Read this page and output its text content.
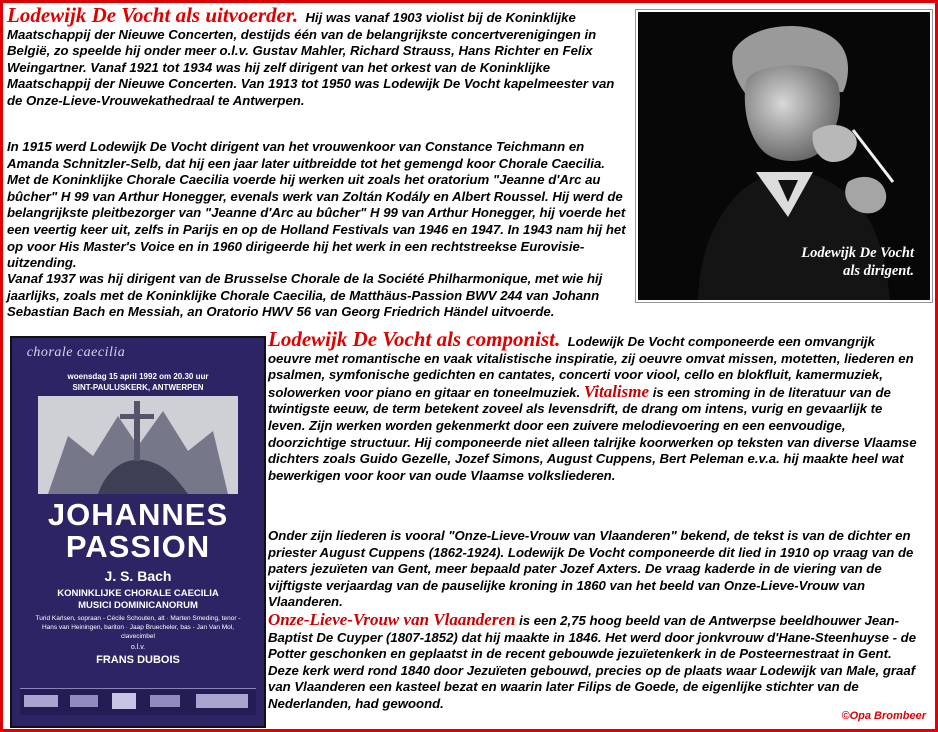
Lodewijk De Vocht als uitvoerder. Hij was vanaf 1903 violist bij de Koninklijke Maatschappij der Nieuwe Concerten, destijds één van de belangrijkste concertverenigingen in België, zo speelde hij onder meer o.l.v. Gustav Mahler, Richard Strauss, Hans Richter en Felix Weingartner. Vanaf 1921 tot 1934 was hij zelf dirigent van het orkest van de Koninklijke Maatschappij der Nieuwe Concerten. Van 1913 tot 1950 was Lodewijk De Vocht kapelmeester van de Onze-Lieve-Vrouwekathedraal te Antwerpen.

In 1915 werd Lodewijk De Vocht dirigent van het vrouwenkoor van Constance Teichmann en Amanda Schnitzler-Selb, dat hij een jaar later uitbreidde tot het gemengd koor Chorale Caecilia. Met de Koninklijke Chorale Caecilia voerde hij werken uit zoals het oratorium "Jeanne d'Arc au bûcher" H 99 van Arthur Honegger, evenals werk van Zoltán Kodály en Albert Roussel. Hij werd de belangrijkste pleitbezorger van "Jeanne d'Arc au bûcher" H 99 van Arthur Honegger, hij voerde het een veertig keer uit, zelfs in Parijs en op de Holland Festivals van 1946 en 1947. In 1943 nam hij het op voor His Master's Voice en in 1960 dirigeerde hij het werk in een rechtstreekse Eurovisie-uitzending.

Vanaf 1937 was hij dirigent van de Brusselse Chorale de la Société Philharmonique, met wie hij jaarlijks, zoals met de Koninklijke Chorale Caecilia, de Matthäus-Passion BWV 244 van Johann Sebastian Bach en Messiah, an Oratorio HWV 56 van Georg Friedrich Händel uitvoerde.

Lodewijk De Vocht
als dirigent.

chorale caecilia

woensdag 15 april 1992 om 20.30 uur

SINT-PAULUSKERK, ANTWERPEN

JOHANNES

PASSION

J. S. Bach

KONINKLIJKE CHORALE CAECILIA

MUSICI DOMINICANORUM

Turid Karlsen, sopraan - Cécile Schouten, alt · Marten Smeding, tenor - Hans van Heiningen, bariton · Jaap Bruecheler, bas - Jan Van Mol, clavecimbel

o.l.v.

FRANS DUBOIS

Lodewijk De Vocht als componist. Lodewijk De Vocht componeerde een omvangrijk oeuvre met romantische en vaak vitalistische inspiratie, zij oeuvre omvat missen, motetten, liederen en psalmen, symfonische gedichten en cantates, concerti voor viool, cello en blokfluit, kamermuziek, solowerken voor piano en gitaar en toneelmuziek. Vitalisme is een stroming in de literatuur van de twintigste eeuw, de term betekent zoveel als levensdrift, de drang om intens, vurig en gevaarlijk te leven. Zijn werken worden gekenmerkt door een zuivere melodievoering en een eenvoudige, doorzichtige structuur. Hij componeerde niet alleen talrijke koorwerken op teksten van diverse Vlaamse dichters zoals Guido Gezelle, Jozef Simons, August Cuppens, Bert Peleman e.v.a. hij maakte heel wat bewerkigen voor koor van oude Vlaamse volksliederen.

Onder zijn liederen is vooral "Onze-Lieve-Vrouw van Vlaanderen" bekend, de tekst is van de dichter en priester August Cuppens (1862-1924). Lodewijk De Vocht componeerde dit lied in 1910 op vraag van de paters jezuïeten van Gent, meer bepaald pater Jozef Axters. De vraag kaderde in de viering van de vijftigste verjaardag van de pauselijke kroning in 1860 van het beeld van Onze-Lieve-Vrouw van Vlaanderen.

Onze-Lieve-Vrouw van Vlaanderen is een 2,75 hoog beeld van de Antwerpse beeldhouwer Jean-Baptist De Cuyper (1807-1852) dat hij maakte in 1846. Het werd door jonkvrouw d'Hane-Steenhuyse - de Potter geschonken en geplaatst in de recent gebouwde jezuïetenkerk in de Posteernestraat in Gent. Deze kerk werd rond 1840 door Jezuïeten gebouwd, precies op de plaats waar Lodewijk van Male, graaf van Vlaanderen een kasteel bezat en waarin later Filips de Goede, de eigenlijke stichter van de Nederlanden, had gewoond.

©Opa Brombeer
